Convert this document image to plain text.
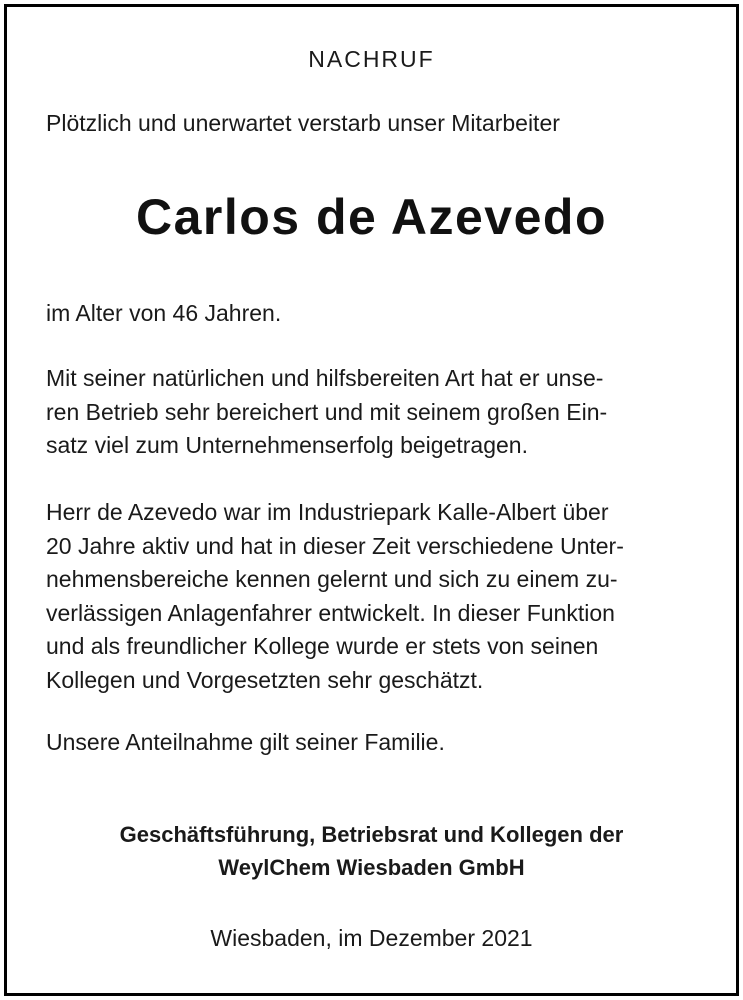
NACHRUF
Plötzlich und unerwartet verstarb unser Mitarbeiter
Carlos de Azevedo
im Alter von 46 Jahren.
Mit seiner natürlichen und hilfsbereiten Art hat er unse-
ren Betrieb sehr bereichert und mit seinem großen Ein-
satz viel zum Unternehmenserfolg beigetragen.
Herr de Azevedo war im Industriepark Kalle-Albert über
20 Jahre aktiv und hat in dieser Zeit verschiedene Unter-
nehmensbereiche kennen gelernt und sich zu einem zu-
verlässigen Anlagenfahrer entwickelt. In dieser Funktion
und als freundlicher Kollege wurde er stets von seinen
Kollegen und Vorgesetzten sehr geschätzt.
Unsere Anteilnahme gilt seiner Familie.
Geschäftsführung, Betriebsrat und Kollegen der
WeylChem Wiesbaden GmbH
Wiesbaden, im Dezember 2021
